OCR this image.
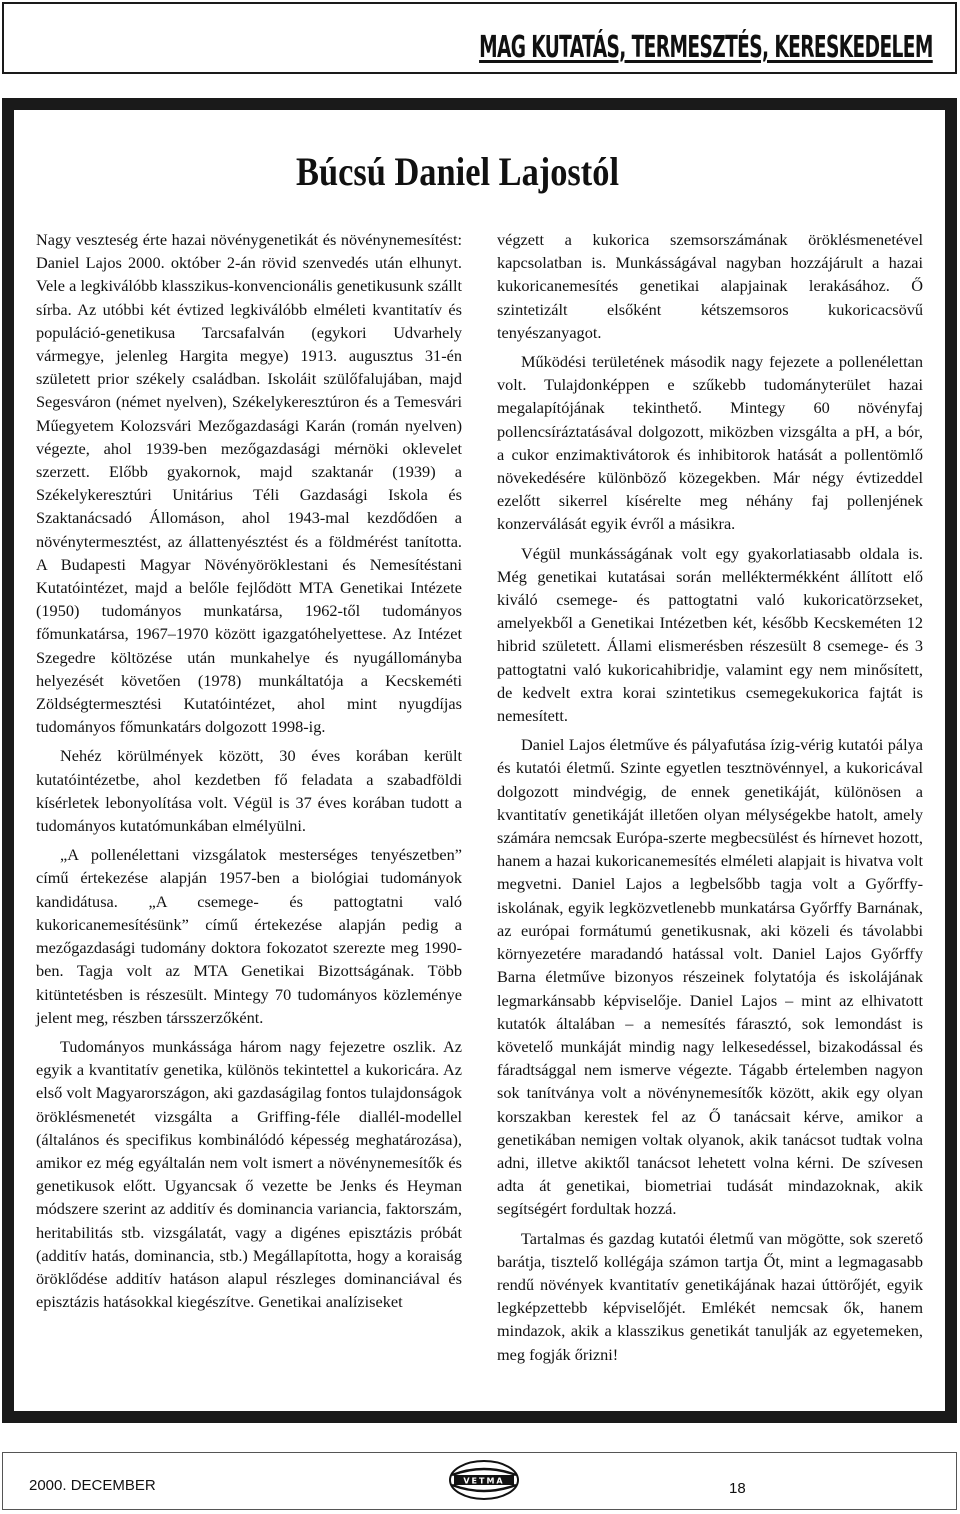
MAG KUTATÁS, TERMESZTÉS, KERESKEDELEM
Búcsú Daniel Lajostól

Nagy veszteség érte hazai növénygenetikát és növénynemesítést: Daniel Lajos 2000. október 2-án rövid szenvedés után elhunyt. Vele a legkiválóbb klasszikus-konvencionális genetikusunk szállt sírba. Az utóbbi két évtized legkiválóbb elméleti kvantitatív és populáció-genetikusa Tarcsafalván (egykori Udvarhely vármegye, jelenleg Hargita megye) 1913. augusztus 31-én született prior székely családban. Iskoláit szülőfalujában, majd Segesváron (német nyelven), Székelykeresztúron és a Temesvári Műegyetem Kolozsvári Mezőgazdasági Karán (román nyelven) végezte, ahol 1939-ben mezőgazdasági mérnöki oklevelet szerzett. Előbb gyakornok, majd szaktanár (1939) a Székelykeresztúri Unitárius Téli Gazdasági Iskola és Szaktanácsadó Állomáson, ahol 1943-mal kezdődően a növénytermesztést, az állattenyésztést és a földmérést tanította. A Budapesti Magyar Növényöröklestani és Nemesítéstani Kutatóintézet, majd a belőle fejlődött MTA Genetikai Intézete (1950) tudományos munkatársa, 1962-től tudományos főmunkatársa, 1967–1970 között igazgatóhelyettese. Az Intézet Szegedre költözése után munkahelye és nyugállományba helyezését követően (1978) munkáltatója a Kecskeméti Zöldségtermesztési Kutatóintézet, ahol mint nyugdíjas tudományos főmunkatárs dolgozott 1998-ig.

Nehéz körülmények között, 30 éves korában került kutatóintézetbe, ahol kezdetben fő feladata a szabadföldi kísérletek lebonyolítása volt. Végül is 37 éves korában tudott a tudományos kutatómunkában elmélyülni.

„A pollenélettani vizsgálatok mesterséges tenyészetben” című értekezése alapján 1957-ben a biológiai tudományok kandidátusa. „A csemege- és pattogtatni való kukoricanemesítésünk” című értekezése alapján pedig a mezőgazdasági tudomány doktora fokozatot szerezte meg 1990-ben. Tagja volt az MTA Genetikai Bizottságának. Több kitüntetésben is részesült. Mintegy 70 tudományos közleménye jelent meg, részben társszerzőként.

Tudományos munkássága három nagy fejezetre oszlik. Az egyik a kvantitatív genetika, különös tekintettel a kukoricára. Az első volt Magyarországon, aki gazdaságilag fontos tulajdonságok öröklésmenetét vizsgálta a Griffing-féle diallél-modellel (általános és specifikus kombinálódó képesség meghatározása), amikor ez még egyáltalán nem volt ismert a növénynemesítők és genetikusok előtt. Ugyancsak ő vezette be Jenks és Heyman módszere szerint az additív és dominancia variancia, faktorszám, heritabilitás stb. vizsgálatát, vagy a digénes episztázis próbát (additív hatás, dominancia, stb.) Megállapította, hogy a koraiság öröklődése additív hatáson alapul részleges dominanciával és episztázis hatásokkal kiegészítve. Genetikai analíziseket

végzett a kukorica szemsorszámának öröklésmenetével kapcsolatban is. Munkásságával nagyban hozzájárult a hazai kukoricanemesítés genetikai alapjainak lerakásához. Ő szintetizált elsőként kétszemsoros kukoricacsövű tenyészanyagot.

Működési területének második nagy fejezete a pollenélettan volt. Tulajdonképpen e szűkebb tudományterület hazai megalapítójának tekinthető. Mintegy 60 növényfaj pollencsíráztatásával dolgozott, miközben vizsgálta a pH, a bór, a cukor enzimaktivátorok és inhibitorok hatását a pollentömlő növekedésére különböző közegekben. Már négy évtizeddel ezelőtt sikerrel kísérelte meg néhány faj pollenjének konzerválását egyik évről a másikra.

Végül munkásságának volt egy gyakorlatiasabb oldala is. Még genetikai kutatásai során melléktermékként állított elő kiváló csemege- és pattogtatni való kukoricatörzseket, amelyekből a Genetikai Intézetben két, később Kecskeméten 12 hibrid született. Állami elismerésben részesült 8 csemege- és 3 pattogtatni való kukoricahibridje, valamint egy nem minősített, de kedvelt extra korai szintetikus csemegekukorica fajtát is nemesített.

Daniel Lajos életműve és pályafutása ízig-vérig kutatói pálya és kutatói életmű. Szinte egyetlen tesztnövénnyel, a kukoricával dolgozott mindvégig, de ennek genetikáját, különösen a kvantitatív genetikáját illetően olyan mélységekbe hatolt, amely számára nemcsak Európa-szerte megbecsülést és hírnevet hozott, hanem a hazai kukoricanemesítés elméleti alapjait is hivatva volt megvetni. Daniel Lajos a legbelsőbb tagja volt a Győrffy-iskolának, egyik legközvetlenebb munkatársa Győrffy Barnának, az európai formátumú genetikusnak, aki közeli és távolabbi környezetére maradandó hatással volt. Daniel Lajos Győrffy Barna életműve bizonyos részeinek folytatója és iskolájának legmarkánsabb képviselője. Daniel Lajos – mint az elhivatott kutatók általában – a nemesítés fárasztó, sok lemondást is követelő munkáját mindig nagy lelkesedéssel, bizakodással és fáradtsággal nem ismerve végezte. Tágabb értelemben nagyon sok tanítványa volt a növénynemesítők között, akik egy olyan korszakban kerestek fel az Ő tanácsait kérve, amikor a genetikában nemigen voltak olyanok, akik tanácsot tudtak volna adni, illetve akiktől tanácsot lehetett volna kérni. De szívesen adta át genetikai, biometriai tudását mindazoknak, akik segítségért fordultak hozzá.

Tartalmas és gazdag kutatói életmű van mögötte, sok szerető barátja, tisztelő kollégája számon tartja Őt, mint a legmagasabb rendű növények kvantitatív genetikájának hazai úttörőjét, egyik legképzettebb képviselőjét. Emlékét nemcsak ők, hanem mindazok, akik a klasszikus genetikát tanulják az egyetemeken, meg fogják őrizni!

2000. DECEMBER	VETMA	18
